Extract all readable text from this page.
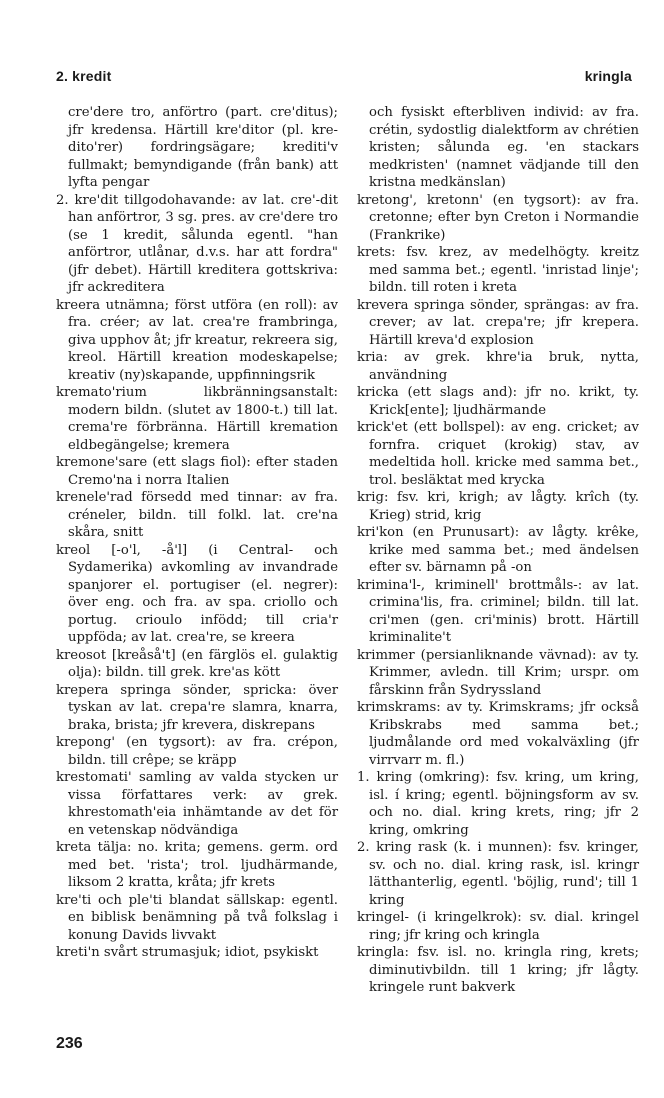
2. kredit	kringla

cre'dere tro, anförtro (part. cre'ditus); jfr kredensa. Härtill kre'ditor (pl. kre-dito'rer) fordringsägare; krediti'v fullmakt; bemyndigande (från bank) att lyfta pengar

2. kre'dit tillgodohavande: av lat. cre'-dit han anförtror, 3 sg. pres. av cre'dere tro (se 1 kredit, sålunda egentl. "han anförtror, utlånar, d.v.s. har att fordra" (jfr debet). Härtill kreditera gottskriva: jfr ackreditera

kreera utnämna; först utföra (en roll): av fra. créer; av lat. crea're frambringa, giva upphov åt; jfr kreatur, rekreera sig, kreol. Härtill kreation modeskapelse; kreativ (ny)skapande, uppfinningsrik

kremato'rium likbränningsanstalt: modern bildn. (slutet av 1800-t.) till lat. crema're förbränna. Härtill kremation eldbegängelse; kremera

kremone'sare (ett slags fiol): efter staden Cremo'na i norra Italien

krenele'rad försedd med tinnar: av fra. créneler, bildn. till folkl. lat. cre'na skåra, snitt

kreol [-o'l, -å'l] (i Central- och Sydamerika) avkomling av invandrade spanjorer el. portugiser (el. negrer): över eng. och fra. av spa. criollo och portug. crioulo infödd; till cria'r uppföda; av lat. crea're, se kreera

kreosot [kreåså't] (en färglös el. gulaktig olja): bildn. till grek. kre'as kött

krepera springa sönder, spricka: över tyskan av lat. crepa're slamra, knarra, braka, brista; jfr krevera, diskrepans

krepong' (en tygsort): av fra. crépon, bildn. till crêpe; se kräpp

krestomati' samling av valda stycken ur vissa författares verk: av grek. khrestomath'eia inhämtande av det för en vetenskap nödvändiga

kreta tälja: no. krita; gemens. germ. ord med bet. 'rista'; trol. ljudhärmande, liksom 2 kratta, kråta; jfr krets

kre'ti och ple'ti blandat sällskap: egentl. en biblisk benämning på två folkslag i konung Davids livvakt

kreti'n svårt strumasjuk; idiot, psykiskt

och fysiskt efterbliven individ: av fra. crétin, sydostlig dialektform av chrétien kristen; sålunda eg. 'en stackars medkristen' (namnet vädjande till den kristna medkänslan)

kretong', kretonn' (en tygsort): av fra. cretonne; efter byn Creton i Normandie (Frankrike)

krets: fsv. krez, av medelhögty. kreitz med samma bet.; egentl. 'inristad linje'; bildn. till roten i kreta

krevera springa sönder, sprängas: av fra. crever; av lat. crepa're; jfr krepera. Härtill kreva'd explosion

kria: av grek. khre'ia bruk, nytta, användning

kricka (ett slags and): jfr no. krikt, ty. Krick[ente]; ljudhärmande

krick'et (ett bollspel): av eng. cricket; av fornfra. criquet (krokig) stav, av medeltida holl. kricke med samma bet., trol. besläktat med krycka

krig: fsv. kri, krigh; av lågty. krîch (ty. Krieg) strid, krig

kri'kon (en Prunusart): av lågty. krêke, krike med samma bet.; med ändelsen efter sv. bärnamn på -on

krimina'l-, kriminell' brottmåls-: av lat. crimina'lis, fra. criminel; bildn. till lat. cri'men (gen. cri'minis) brott. Härtill kriminalite't

krimmer (persianliknande vävnad): av ty. Krimmer, avledn. till Krim; urspr. om fårskinn från Sydryssland

krimskrams: av ty. Krimskrams; jfr också Kribskrabs med samma bet.; ljudmålande ord med vokalväxling (jfr virrvarr m. fl.)

1. kring (omkring): fsv. kring, um kring, isl. í kring; egentl. böjningsform av sv. och no. dial. kring krets, ring; jfr 2 kring, omkring

2. kring rask (k. i munnen): fsv. kringer, sv. och no. dial. kring rask, isl. kringr lätthanterlig, egentl. 'böjlig, rund'; till 1 kring

kringel- (i kringelkrok): sv. dial. kringel ring; jfr kring och kringla

kringla: fsv. isl. no. kringla ring, krets; diminutivbildn. till 1 kring; jfr lågty. kringele runt bakverk

236
